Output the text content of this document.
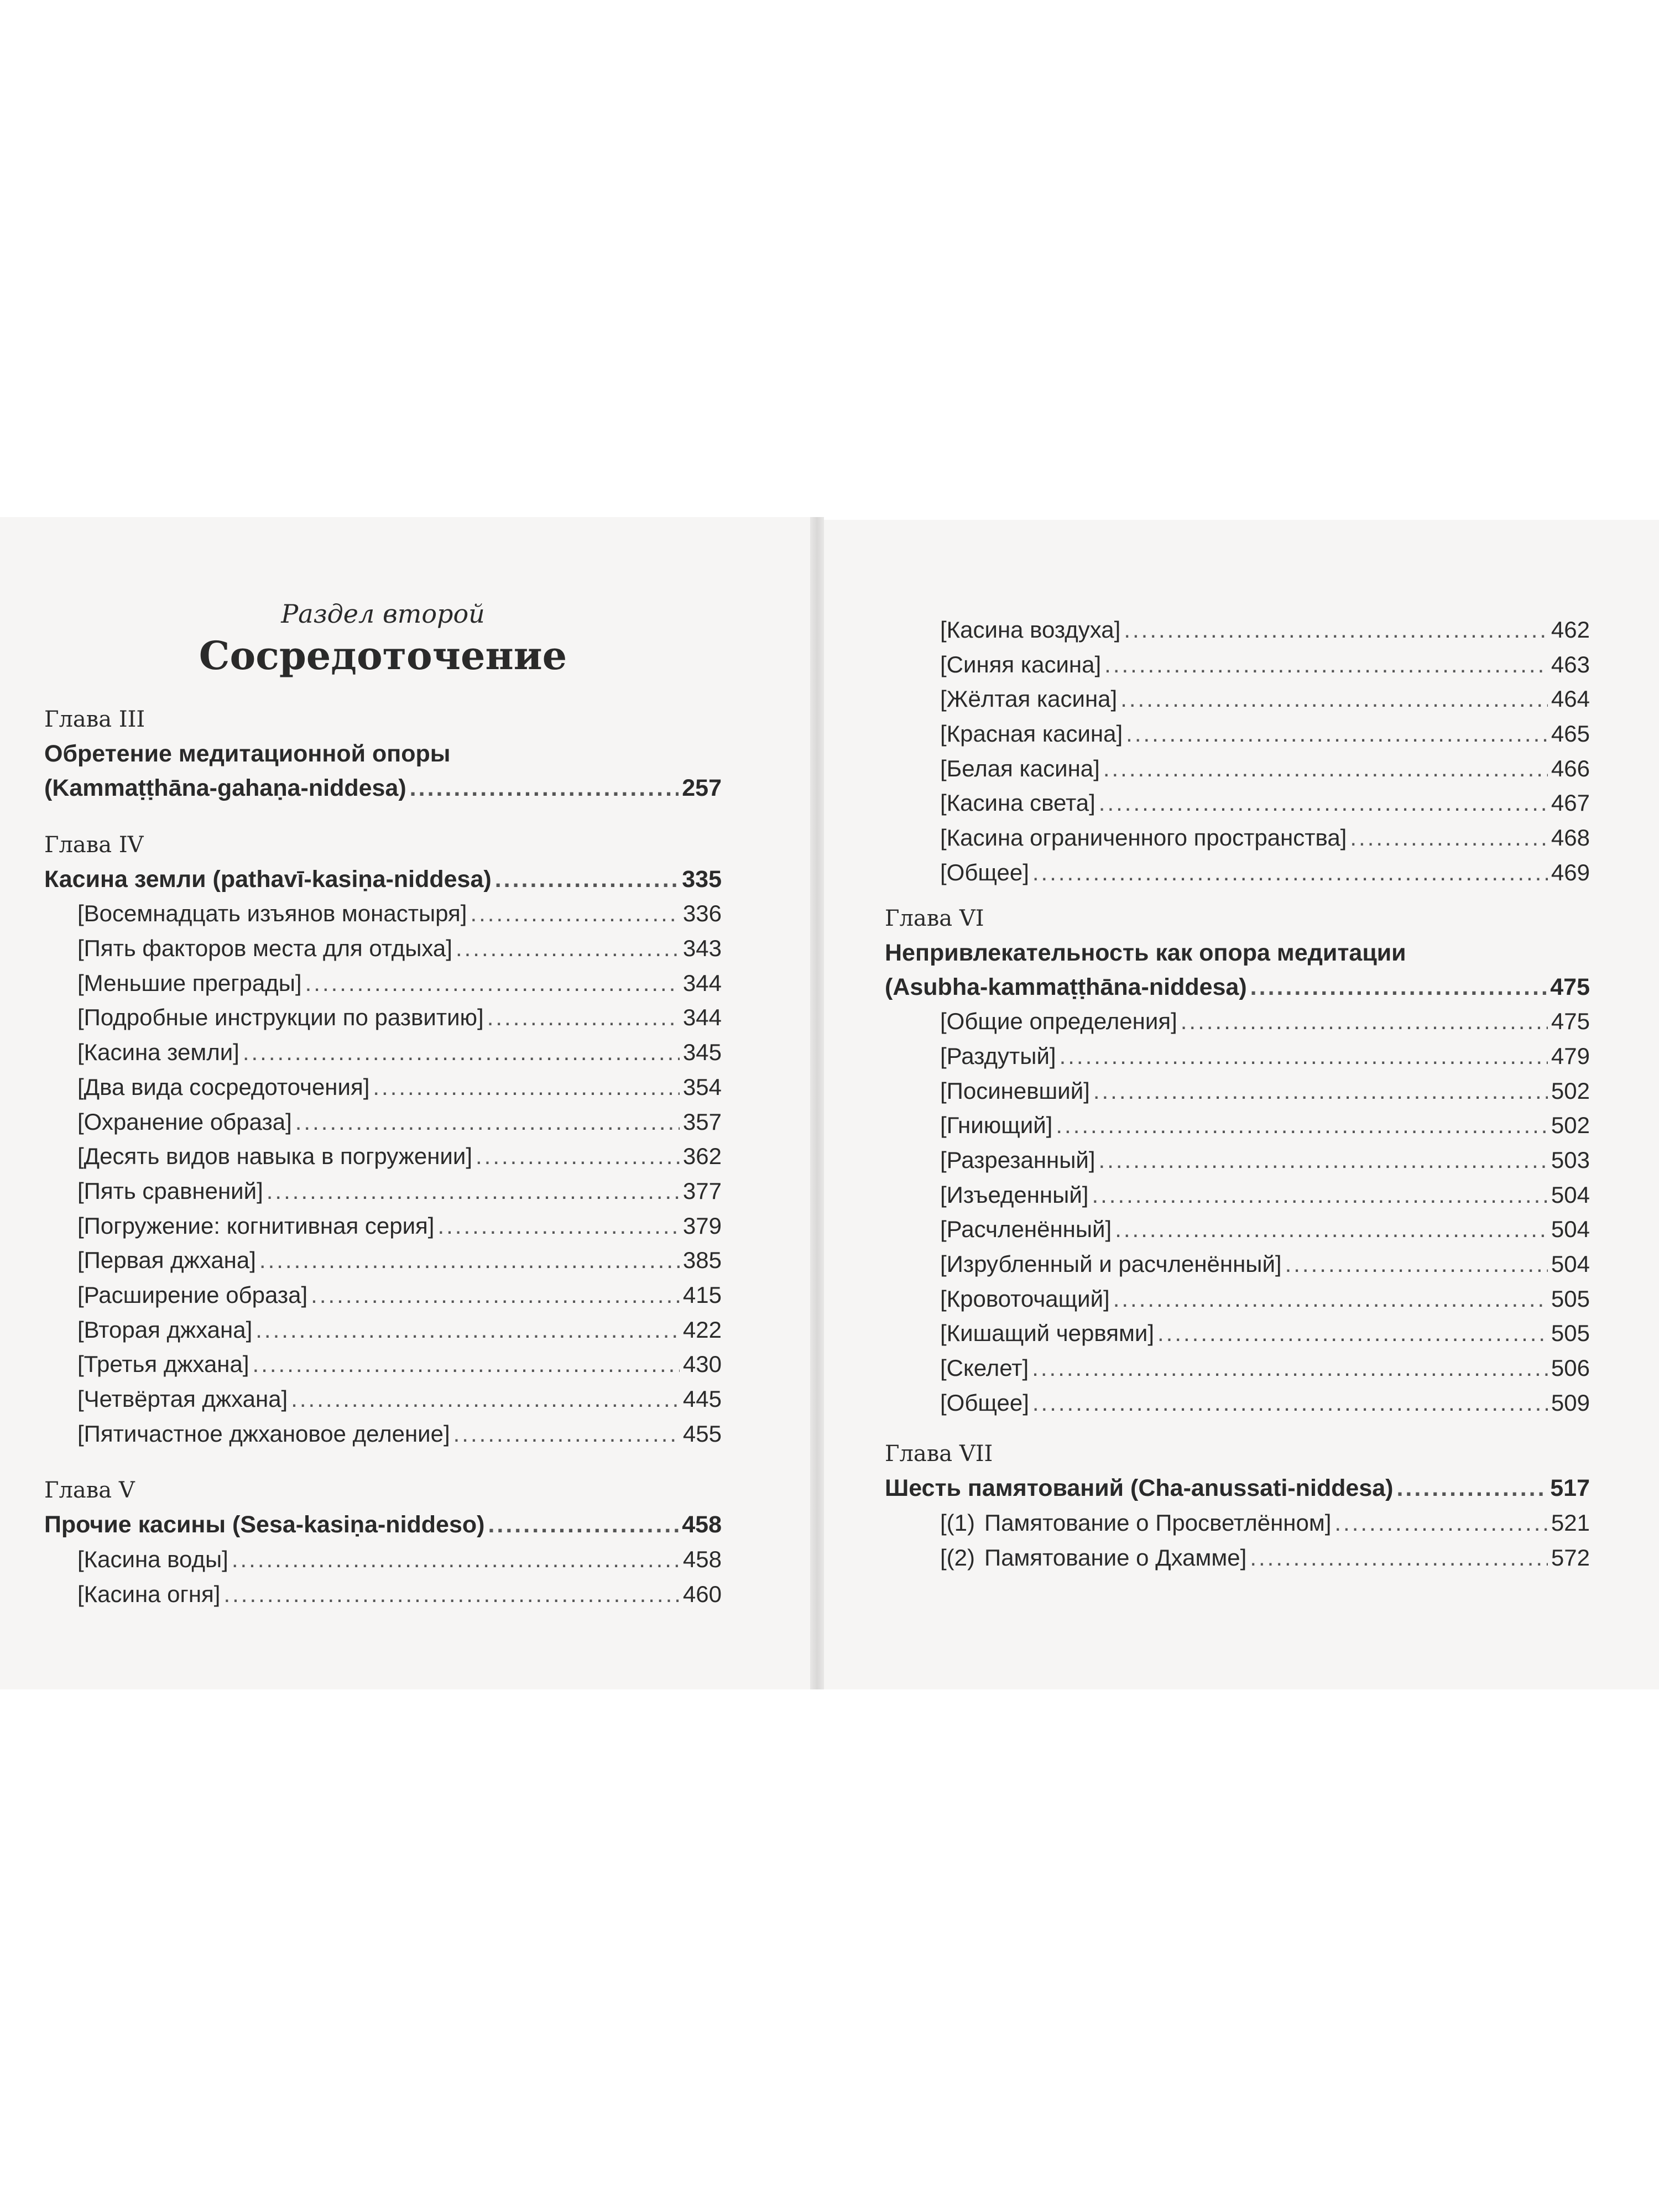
Раздел второй
Сосредоточение
Глава III
Обретение медитационной опоры
(Kammaṭṭhāna-gahaṇa-niddesa) .....	257
Глава IV
Касина земли (pathavī-kasiṇa-niddesa) .....	335
[Восемнадцать изъянов монастыря] .....	336
[Пять факторов места для отдыха] .....	343
[Меньшие преграды] .....	344
[Подробные инструкции по развитию] .....	344
[Касина земли] .....	345
[Два вида сосредоточения] .....	354
[Охранение образа] .....	357
[Десять видов навыка в погружении] .....	362
[Пять сравнений] .....	377
[Погружение: когнитивная серия] .....	379
[Первая джхана] .....	385
[Расширение образа] .....	415
[Вторая джхана] .....	422
[Третья джхана] .....	430
[Четвёртая джхана] .....	445
[Пятичастное джхановое деление] .....	455
Глава V
Прочие касины (Sesa-kasiṇa-niddeso) .....	458
[Касина воды] .....	458
[Касина огня] .....	460
[Касина воздуха] .....	462
[Синяя касина] .....	463
[Жёлтая касина] .....	464
[Красная касина] .....	465
[Белая касина] .....	466
[Касина света] .....	467
[Касина ограниченного пространства] .....	468
[Общее] .....	469
Глава VI
Непривлекательность как опора медитации
(Asubha-kammaṭṭhāna-niddesa) .....	475
[Общие определения] .....	475
[Раздутый] .....	479
[Посиневший] .....	502
[Гниющий] .....	502
[Разрезанный] .....	503
[Изъеденный] .....	504
[Расчленённый] .....	504
[Изрубленный и расчленённый] .....	504
[Кровоточащий] .....	505
[Кишащий червями] .....	505
[Скелет] .....	506
[Общее] .....	509
Глава VII
Шесть памятований (Cha-anussati-niddesa) .....	517
[(1) Памятование о Просветлённом] .....	521
[(2) Памятование о Дхамме] .....	572
